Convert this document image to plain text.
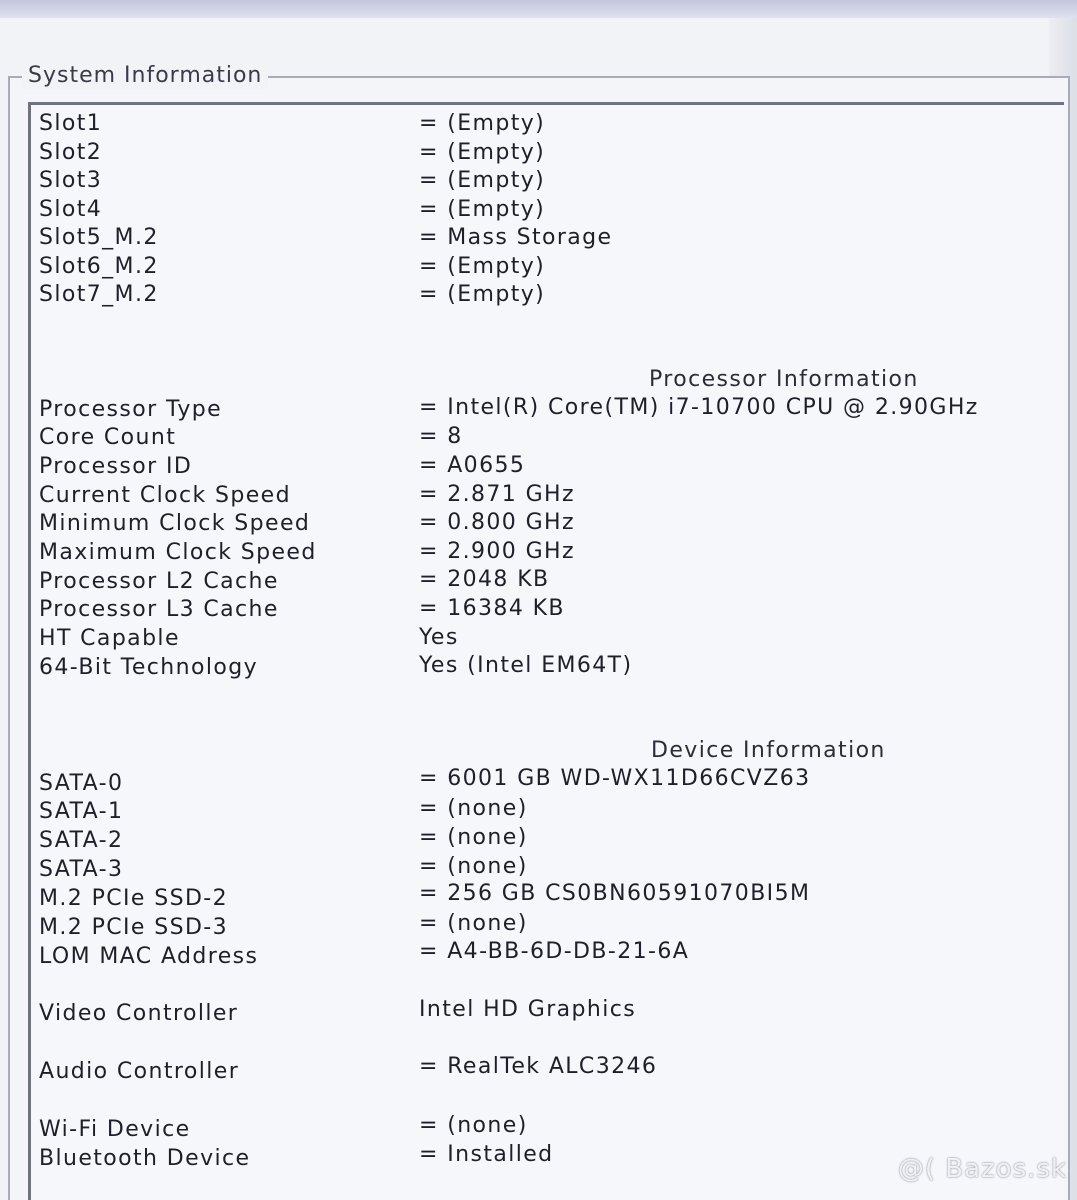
System Information
Slot1	= (Empty)
Slot2	= (Empty)
Slot3	= (Empty)
Slot4	= (Empty)
Slot5_M.2	= Mass Storage
Slot6_M.2	= (Empty)
Slot7_M.2	= (Empty)
Processor Information
Processor Type	= Intel(R) Core(TM) i7-10700 CPU @ 2.90GHz
Core Count	= 8
Processor ID	= A0655
Current Clock Speed	= 2.871 GHz
Minimum Clock Speed	= 0.800 GHz
Maximum Clock Speed	= 2.900 GHz
Processor L2 Cache	= 2048 KB
Processor L3 Cache	= 16384 KB
HT Capable	Yes
64-Bit Technology	Yes (Intel EM64T)
Device Information
SATA-0	= 6001 GB WD-WX11D66CVZ63
SATA-1	= (none)
SATA-2	= (none)
SATA-3	= (none)
M.2 PCIe SSD-2	= 256 GB CS0BN60591070BI5M
M.2 PCIe SSD-3	= (none)
LOM MAC Address	= A4-BB-6D-DB-21-6A
Video Controller	Intel HD Graphics
Audio Controller	= RealTek ALC3246
Wi-Fi Device	= (none)
Bluetooth Device	= Installed	@( Bazos.sk
